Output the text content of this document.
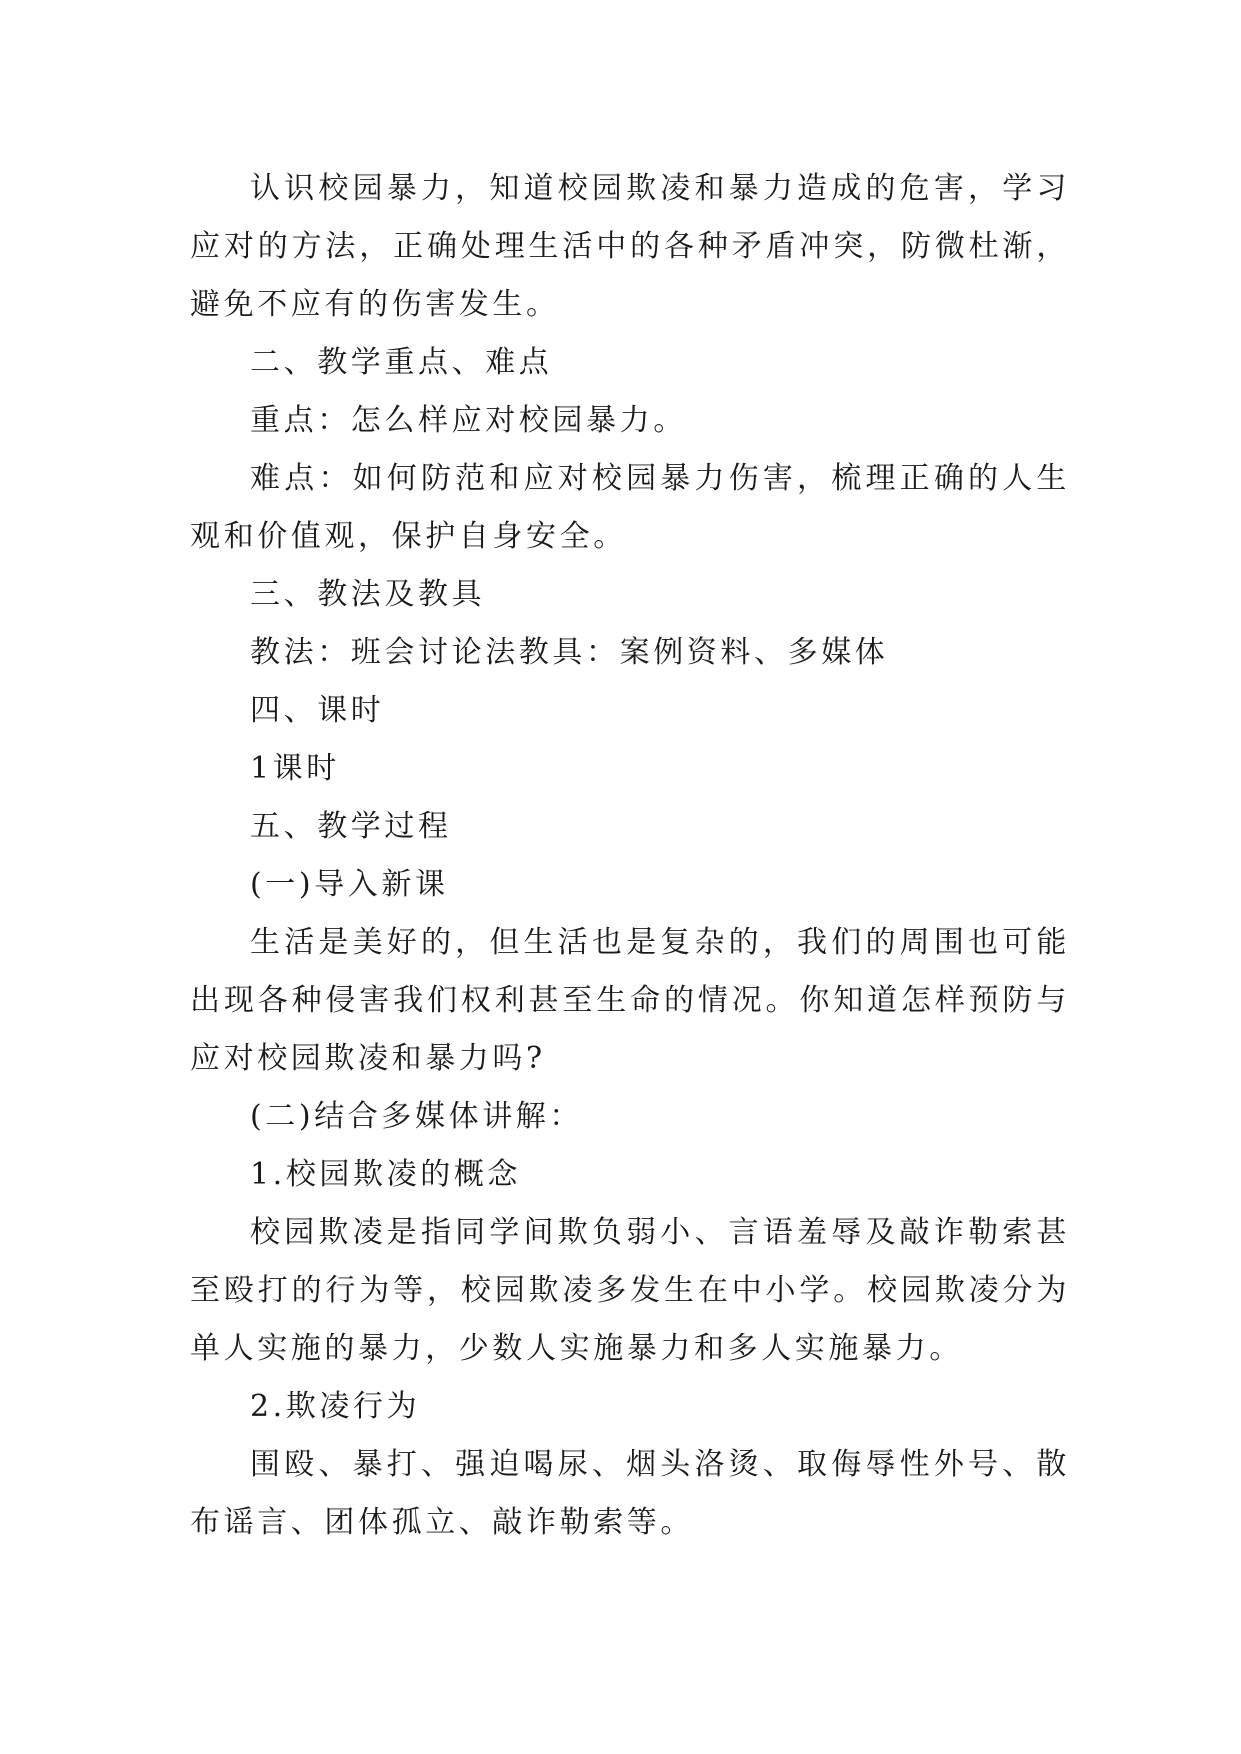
认识校园暴力，知道校园欺凌和暴力造成的危害，学习应对的方法，正确处理生活中的各种矛盾冲突，防微杜渐，避免不应有的伤害发生。

二、教学重点、难点

重点：怎么样应对校园暴力。

难点：如何防范和应对校园暴力伤害，梳理正确的人生观和价值观，保护自身安全。

三、教法及教具

教法：班会讨论法教具：案例资料、多媒体

四、课时

1课时

五、教学过程

(一)导入新课

生活是美好的，但生活也是复杂的，我们的周围也可能出现各种侵害我们权利甚至生命的情况。你知道怎样预防与应对校园欺凌和暴力吗?

(二)结合多媒体讲解：

1.校园欺凌的概念

校园欺凌是指同学间欺负弱小、言语羞辱及敲诈勒索甚至殴打的行为等，校园欺凌多发生在中小学。校园欺凌分为单人实施的暴力，少数人实施暴力和多人实施暴力。

2.欺凌行为

围殴、暴打、强迫喝尿、烟头洛烫、取侮辱性外号、散布谣言、团体孤立、敲诈勒索等。
